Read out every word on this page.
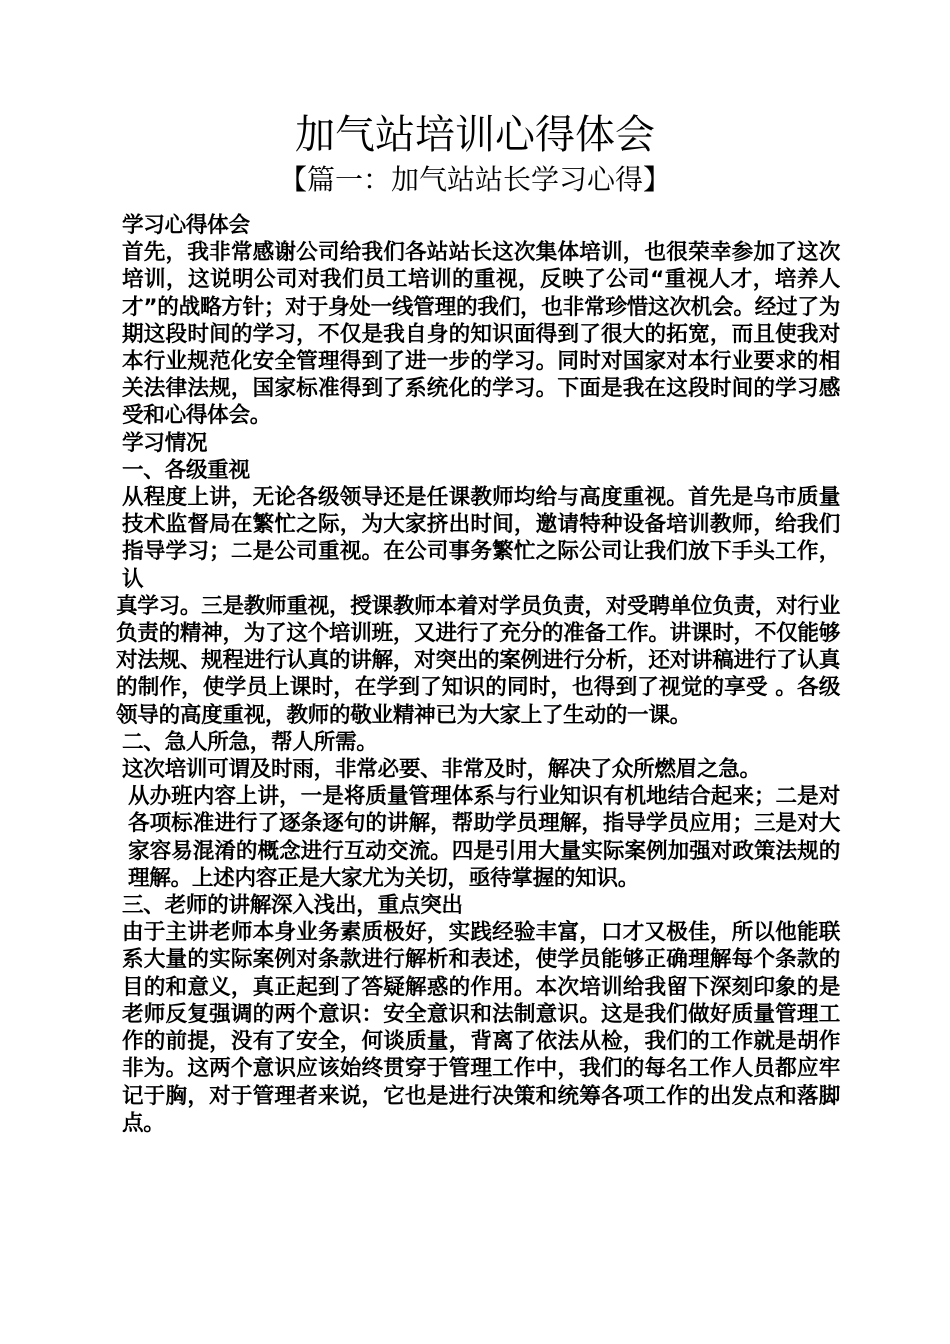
加气站培训心得体会
【篇一：加气站站长学习心得】

学习心得体会

首先，我非常感谢公司给我们各站站长这次集体培训，也很荣幸参加了这次培训，这说明公司对我们员工培训的重视，反映了公司“重视人才，培养人才”的战略方针；对于身处一线管理的我们，也非常珍惜这次机会。经过了为期这段时间的学习，不仅是我自身的知识面得到了很大的拓宽，而且使我对本行业规范化安全管理得到了进一步的学习。同时对国家对本行业要求的相关法律法规，国家标准得到了系统化的学习。下面是我在这段时间的学习感受和心得体会。

学习情况

一、各级重视

从程度上讲，无论各级领导还是任课教师均给与高度重视。首先是乌市质量技术监督局在繁忙之际，为大家挤出时间，邀请特种设备培训教师，给我们指导学习；二是公司重视。在公司事务繁忙之际公司让我们放下手头工作，认

真学习。三是教师重视，授课教师本着对学员负责，对受聘单位负责，对行业负责的精神，为了这个培训班，又进行了充分的准备工作。讲课时，不仅能够对法规、规程进行认真的讲解，对突出的案例进行分析，还对讲稿进行了认真的制作，使学员上课时，在学到了知识的同时，也得到了视觉的享受 。各级领导的高度重视，教师的敬业精神已为大家上了生动的一课。

二、急人所急，帮人所需。

这次培训可谓及时雨，非常必要、非常及时，解决了众所燃眉之急。

从办班内容上讲，一是将质量管理体系与行业知识有机地结合起来；二是对各项标准进行了逐条逐句的讲解，帮助学员理解，指导学员应用；三是对大家容易混淆的概念进行互动交流。四是引用大量实际案例加强对政策法规的理解。上述内容正是大家尤为关切，亟待掌握的知识。

三、老师的讲解深入浅出，重点突出

由于主讲老师本身业务素质极好，实践经验丰富，口才又极佳，所以他能联系大量的实际案例对条款进行解析和表述，使学员能够正确理解每个条款的目的和意义，真正起到了答疑解惑的作用。本次培训给我留下深刻印象的是老师反复强调的两个意识：安全意识和法制意识。这是我们做好质量管理工作的前提，没有了安全，何谈质量，背离了依法从检，我们的工作就是胡作非为。这两个意识应该始终贯穿于管理工作中，我们的每名工作人员都应牢记于胸，对于管理者来说，它也是进行决策和统筹各项工作的出发点和落脚点。
